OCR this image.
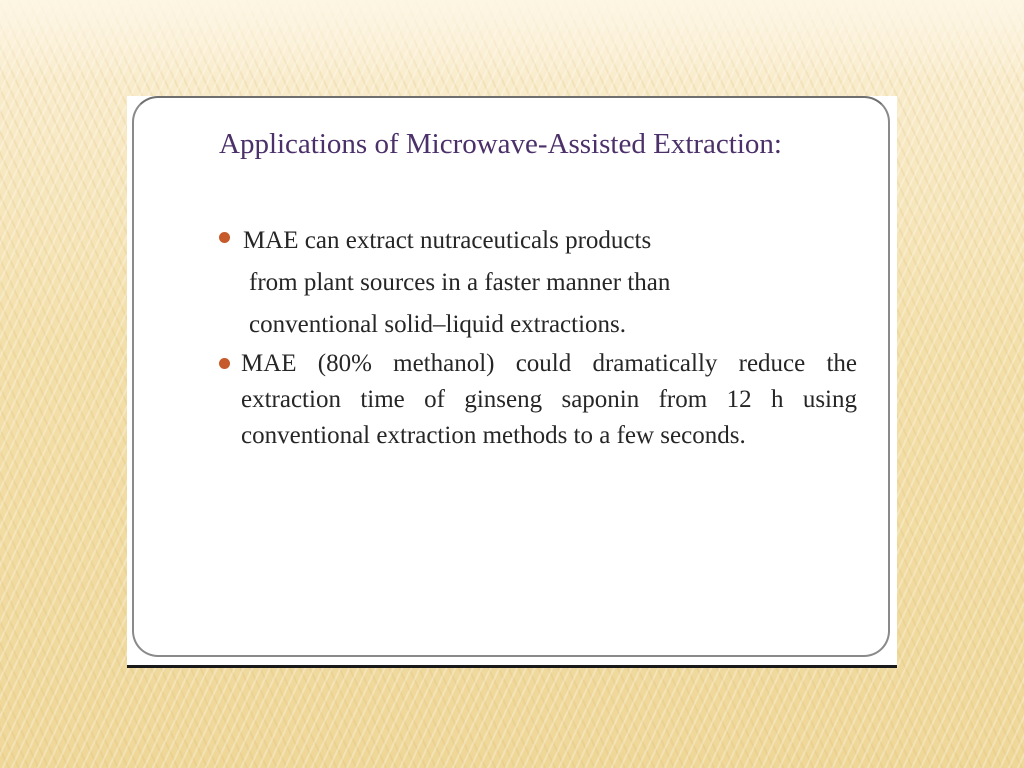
Applications of Microwave-Assisted Extraction:
MAE can extract nutraceuticals products
from plant sources in a faster manner than
conventional solid–liquid extractions.
MAE (80% methanol) could dramatically reduce the extraction time of ginseng saponin from 12 h using conventional extraction methods to a few seconds.
